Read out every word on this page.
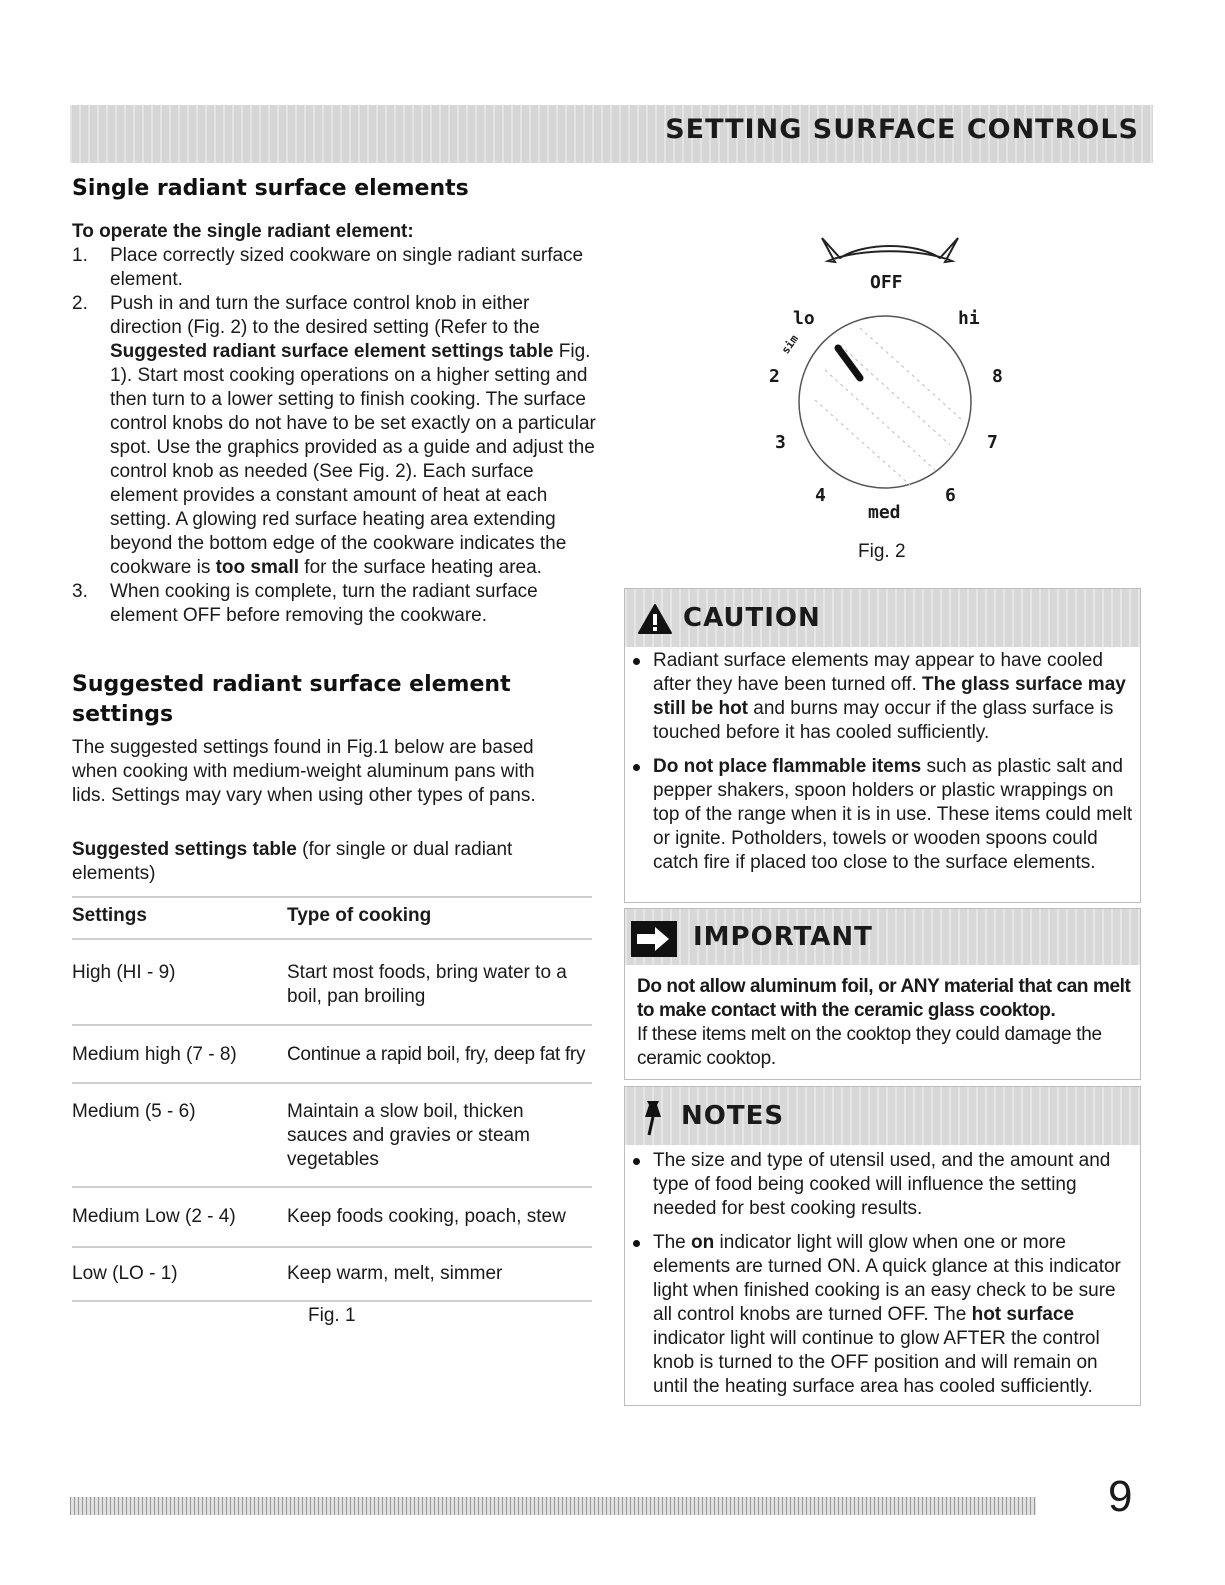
SETTING SURFACE CONTROLS
Single radiant surface elements
To operate the single radiant element:
1. Place correctly sized cookware on single radiant surface element.
2. Push in and turn the surface control knob in either direction (Fig. 2) to the desired setting (Refer to the Suggested radiant surface element settings table Fig. 1). Start most cooking operations on a higher setting and then turn to a lower setting to finish cooking. The surface control knobs do not have to be set exactly on a particular spot. Use the graphics provided as a guide and adjust the control knob as needed (See Fig. 2). Each surface element provides a constant amount of heat at each setting. A glowing red surface heating area extending beyond the bottom edge of the cookware indicates the cookware is too small for the surface heating area.
3. When cooking is complete, turn the radiant surface element OFF before removing the cookware.
Suggested radiant surface element settings
The suggested settings found in Fig.1 below are based when cooking with medium-weight aluminum pans with lids. Settings may vary when using other types of pans.
Suggested settings table (for single or dual radiant elements)
Settings	Type of cooking
High (HI - 9)	Start most foods, bring water to a boil, pan broiling
Medium high (7 - 8)	Continue a rapid boil, fry, deep fat fry
Medium (5 - 6)	Maintain a slow boil, thicken sauces and gravies or steam vegetables
Medium Low (2 - 4)	Keep foods cooking, poach, stew
Low (LO - 1)	Keep warm, melt, simmer
Fig. 1
OFF
lo
sim
hi
2	8
3	7
4	6
med
Fig. 2
CAUTION
Radiant surface elements may appear to have cooled after they have been turned off. The glass surface may still be hot and burns may occur if the glass surface is touched before it has cooled sufficiently.
Do not place flammable items such as plastic salt and pepper shakers, spoon holders or plastic wrappings on top of the range when it is in use. These items could melt or ignite. Potholders, towels or wooden spoons could catch fire if placed too close to the surface elements.
IMPORTANT
Do not allow aluminum foil, or ANY material that can melt to make contact with the ceramic glass cooktop.
If these items melt on the cooktop they could damage the ceramic cooktop.
NOTES
The size and type of utensil used, and the amount and type of food being cooked will influence the setting needed for best cooking results.
The on indicator light will glow when one or more elements are turned ON. A quick glance at this indicator light when finished cooking is an easy check to be sure all control knobs are turned OFF. The hot surface indicator light will continue to glow AFTER the control knob is turned to the OFF position and will remain on until the heating surface area has cooled sufficiently.
9
